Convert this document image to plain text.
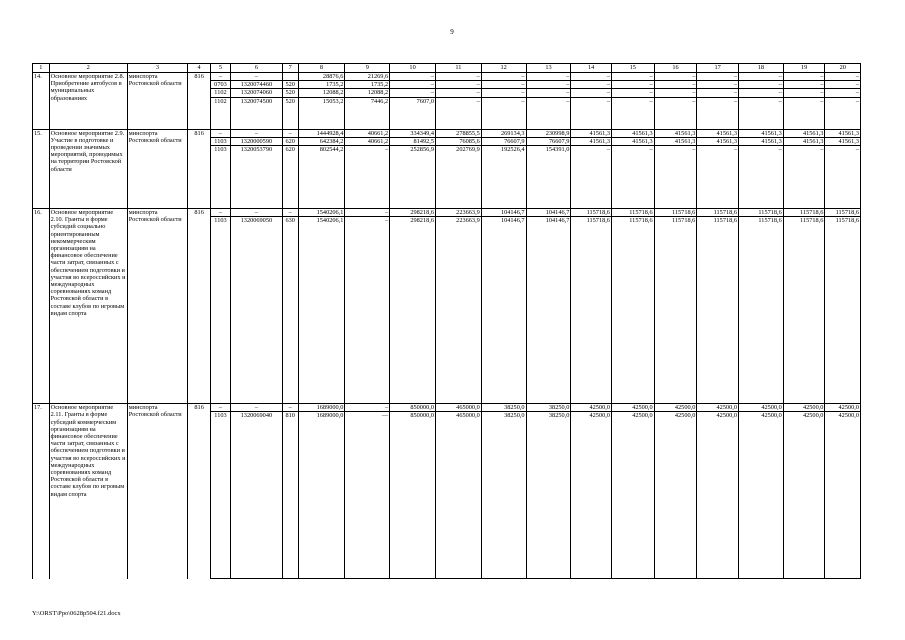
9
1	2	3	4	5	6	7	8	9	10	11	12	13	14	15	16	17	18	19	20
14.	Основное мероприятие 2.8. Приобретение автобусов в муниципальных образованиях	минспорта Ростовской области	816	–	–		28876,6	21269,6	–	–	–	–	–	–	–	–	–	–	–
				0703	1320074460	520	1735,2	1735,2	–	–	–	–	–	–	–	–	–	–	–
				1102	1320074060	520	12088,2	12088,2	–	–	–	–	–	–	–	–	–	–	–
				1102	1320074500	520	15053,2	7446,2	7607,0	–	–	–	–	–	–	–	–	–	–
15.	Основное мероприятие 2.9. Участие в подготовке и проведении значимых мероприятий, проводимых на территории Ростовской области	минспорта Ростовской области	816	–	–	–	1444928,4	40661,2	334349,4	278855,5	269134,3	230998,9	41561,3	41561,3	41561,3	41561,3	41561,3	41561,3	41561,3
				1103	1320000590	620	642384,2	40661,2	81492,5	76085,6	76607,9	76607,9	41561,3	41561,3	41561,3	41561,3	41561,3	41561,3	41561,3
				1103	1320053790	620	802544,2	–	252856,9	202769,9	192526,4	154391,0	–	–	–	–	–	–	–
16.	Основное мероприятие 2.10. Гранты в форме субсидий социально ориентированным некоммерческим организациям на финансовое обеспечение части затрат, связанных с обеспечением подготовки и участия во всероссийских и международных соревнованиях команд Ростовской области в составе клубов по игровым видам спорта	минспорта Ростовской области	816	–	–	–	1540206,1	–	298218,6	223663,9	104146,7	104146,7	115718,6	115718,6	115718,6	115718,6	115718,6	115718,6	115718,6
				1103	1320069050	630	1540206,1	–	298218,6	223663,9	104146,7	104146,7	115718,6	115718,6	115718,6	115718,6	115718,6	115718,6	115718,6
17.	Основное мероприятие 2.11. Гранты в форме субсидий коммерческим организациям на финансовое обеспечение части затрат, связанных с обеспечением подготовки и участия во всероссийских и международных соревнованиях команд Ростовской области в составе клубов по игровым видам спорта	минспорта Ростовской области	816	–	–	–	1689000,0	–	850000,0	465000,0	38250,0	38250,0	42500,0	42500,0	42500,0	42500,0	42500,0	42500,0	42500,0
				1103	1320069040	810	1689000,0	—	850000,0	465000,0	38250,0	38250,0	42500,0	42500,0	42500,0	42500,0	42500,0	42500,0	42500,0
Y:\ORST\Ppo\0628p504.f21.docx
